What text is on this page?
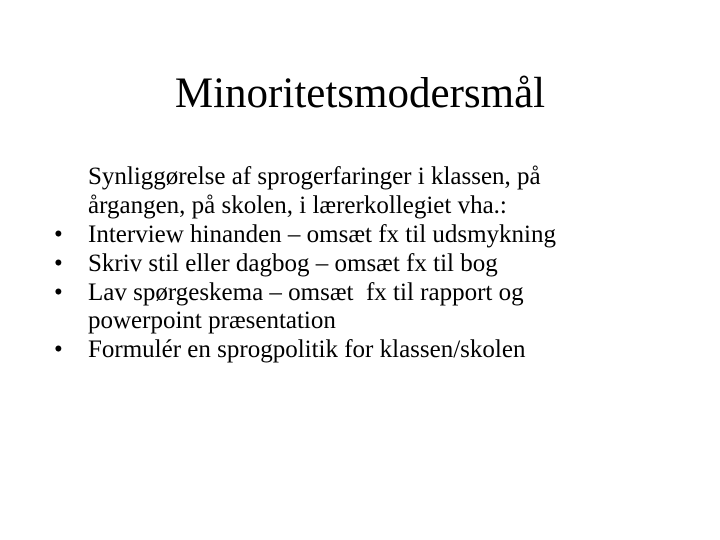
Minoritetsmodersmål
Synliggørelse af sprogerfaringer i klassen, på
årgangen, på skolen, i lærerkollegiet vha.:
• Interview hinanden – omsæt fx til udsmykning
• Skriv stil eller dagbog – omsæt fx til bog
• Lav spørgeskema – omsæt  fx til rapport og
powerpoint præsentation
• Formulér en sprogpolitik for klassen/skolen
